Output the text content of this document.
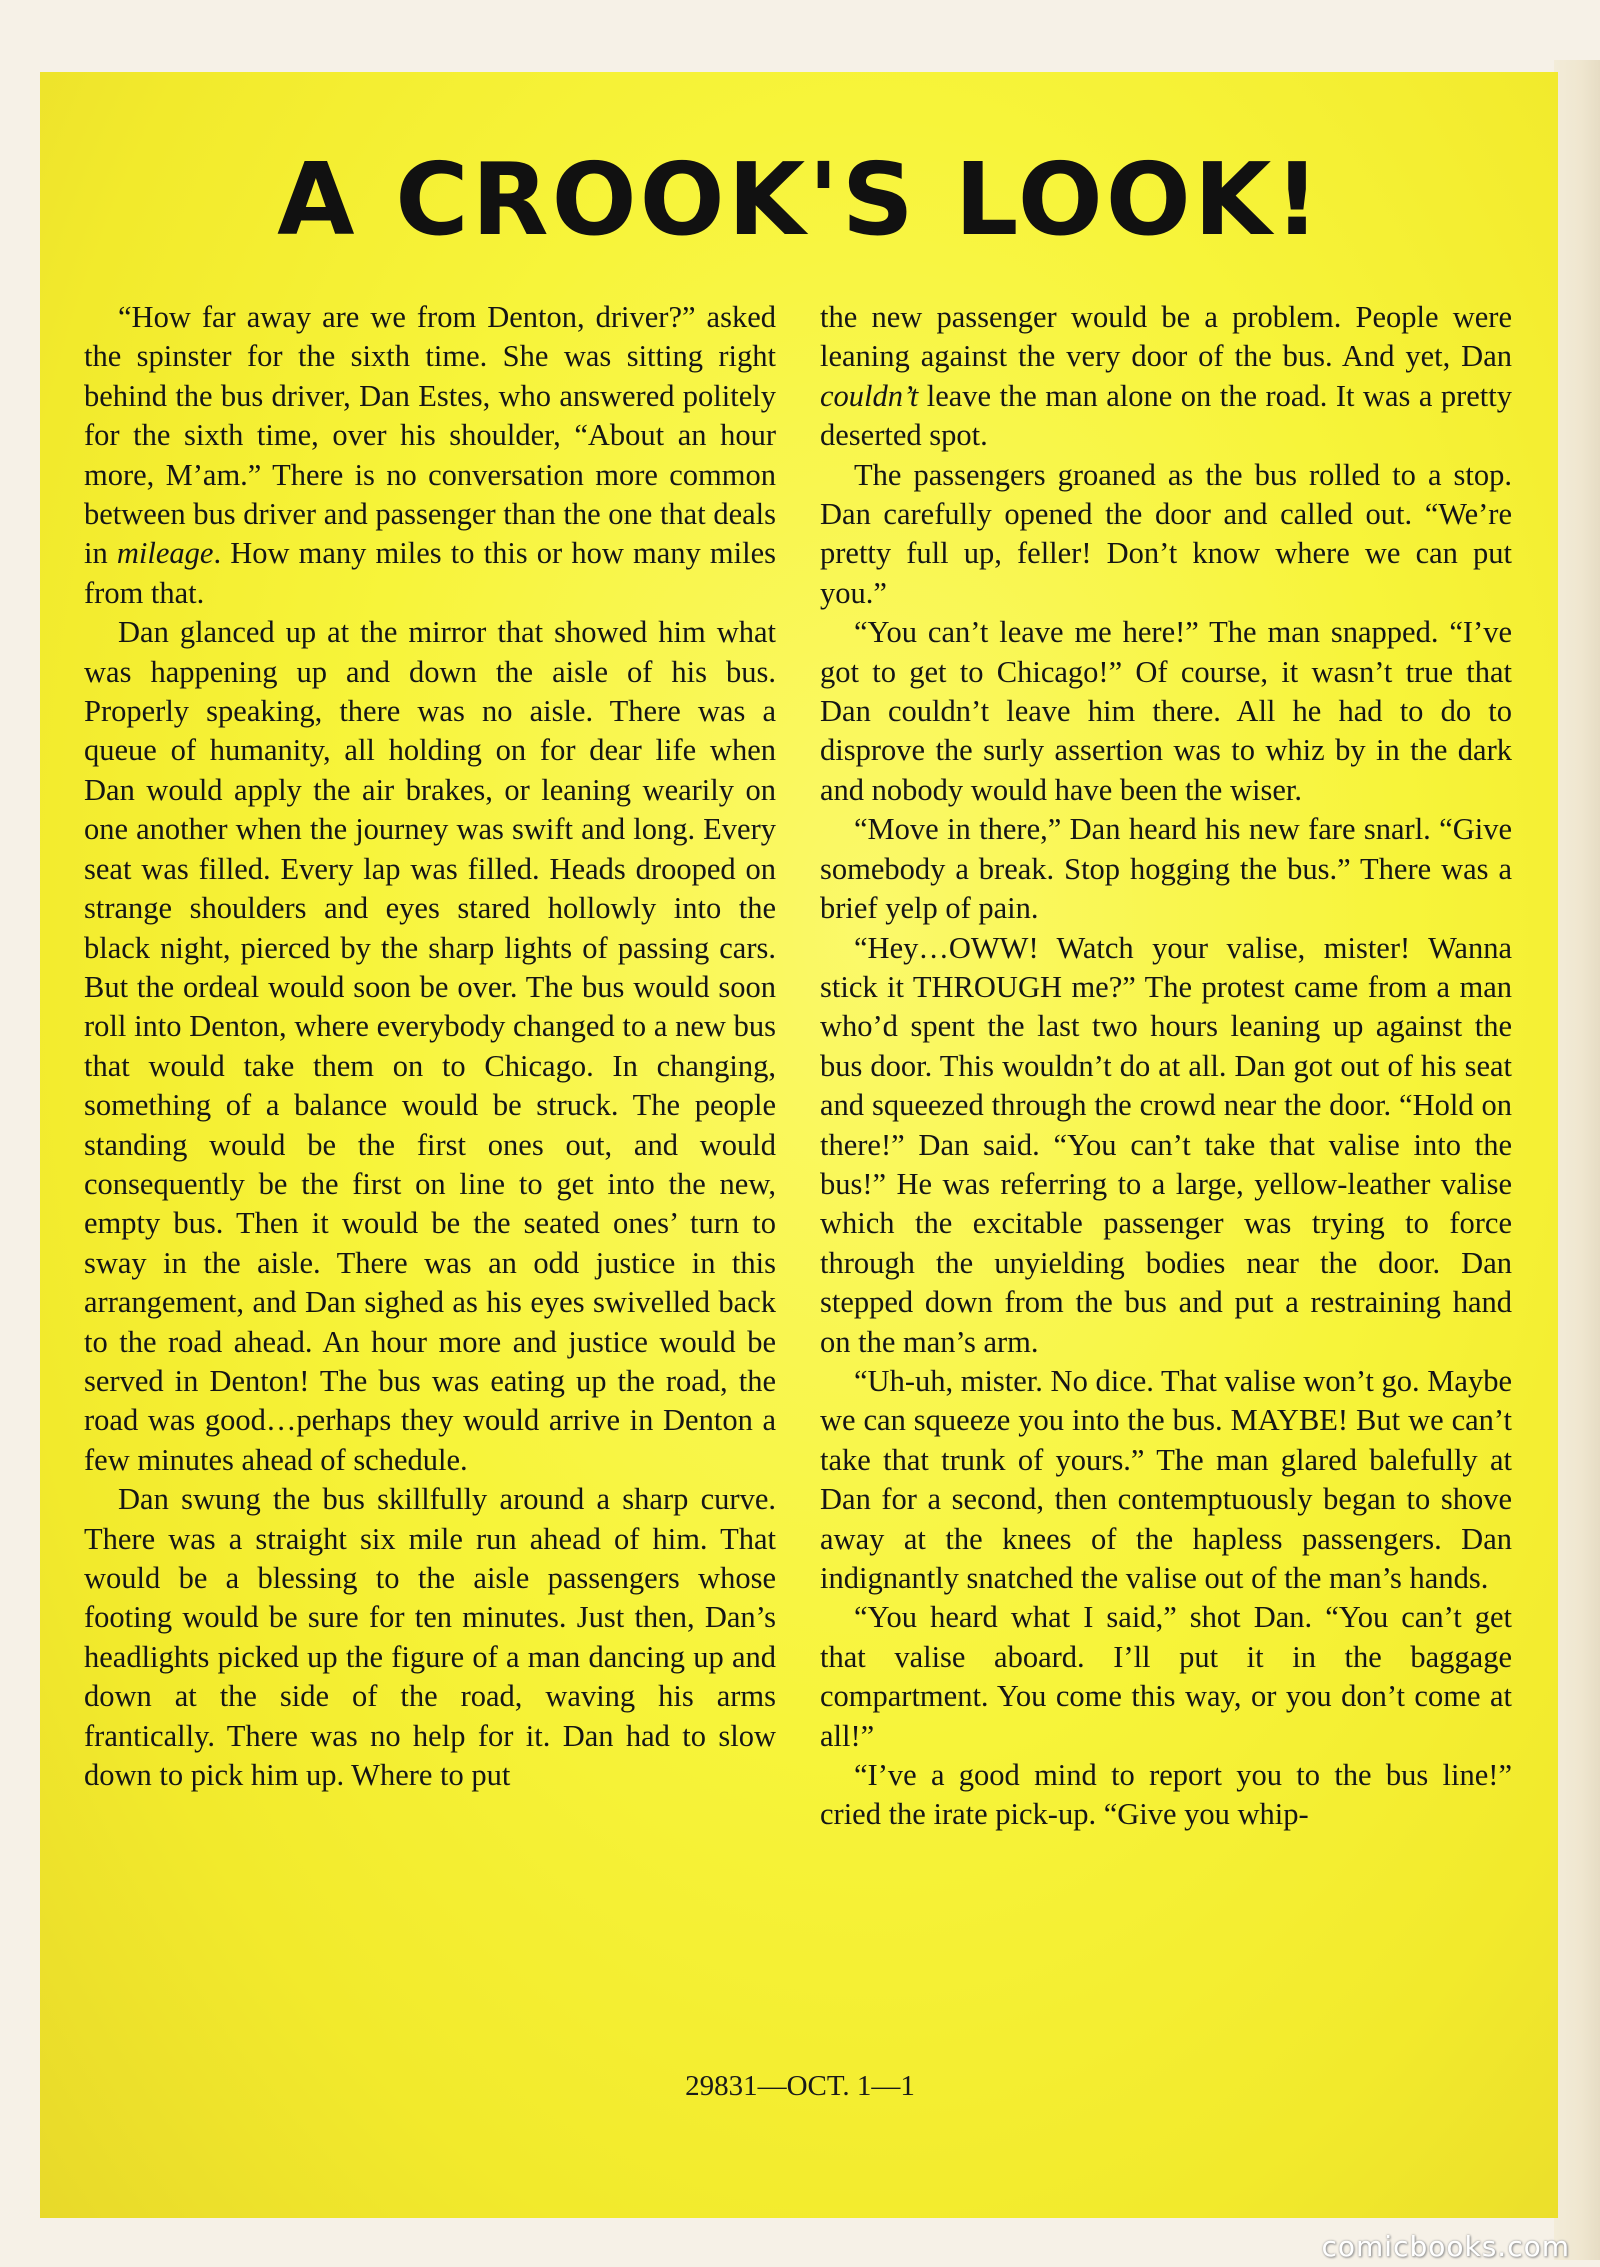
A CROOK'S LOOK!

“How far away are we from Denton, driver?” asked the spinster for the sixth time. She was sitting right behind the bus driver, Dan Estes, who answered politely for the sixth time, over his shoulder, “About an hour more, M’am.” There is no conversation more common between bus driver and passenger than the one that deals in mileage. How many miles to this or how many miles from that.

Dan glanced up at the mirror that showed him what was happening up and down the aisle of his bus. Properly speaking, there was no aisle. There was a queue of humanity, all holding on for dear life when Dan would apply the air brakes, or leaning wearily on one another when the journey was swift and long. Every seat was filled. Every lap was filled. Heads drooped on strange shoulders and eyes stared hollowly into the black night, pierced by the sharp lights of passing cars. But the ordeal would soon be over. The bus would soon roll into Denton, where everybody changed to a new bus that would take them on to Chicago. In changing, something of a balance would be struck. The people standing would be the first ones out, and would consequently be the first on line to get into the new, empty bus. Then it would be the seated ones’ turn to sway in the aisle. There was an odd justice in this arrangement, and Dan sighed as his eyes swivelled back to the road ahead. An hour more and justice would be served in Denton! The bus was eating up the road, the road was good…perhaps they would arrive in Denton a few minutes ahead of schedule.

Dan swung the bus skillfully around a sharp curve. There was a straight six mile run ahead of him. That would be a blessing to the aisle passengers whose footing would be sure for ten minutes. Just then, Dan’s headlights picked up the figure of a man dancing up and down at the side of the road, waving his arms frantically. There was no help for it. Dan had to slow down to pick him up. Where to put

the new passenger would be a problem. People were leaning against the very door of the bus. And yet, Dan couldn’t leave the man alone on the road. It was a pretty deserted spot.

The passengers groaned as the bus rolled to a stop. Dan carefully opened the door and called out. “We’re pretty full up, feller! Don’t know where we can put you.”

“You can’t leave me here!” The man snapped. “I’ve got to get to Chicago!” Of course, it wasn’t true that Dan couldn’t leave him there. All he had to do to disprove the surly assertion was to whiz by in the dark and nobody would have been the wiser.

“Move in there,” Dan heard his new fare snarl. “Give somebody a break. Stop hogging the bus.” There was a brief yelp of pain.

“Hey…OWW! Watch your valise, mister! Wanna stick it THROUGH me?” The protest came from a man who’d spent the last two hours leaning up against the bus door. This wouldn’t do at all. Dan got out of his seat and squeezed through the crowd near the door. “Hold on there!” Dan said. “You can’t take that valise into the bus!” He was referring to a large, yellow-leather valise which the excitable passenger was trying to force through the unyielding bodies near the door. Dan stepped down from the bus and put a restraining hand on the man’s arm.

“Uh-uh, mister. No dice. That valise won’t go. Maybe we can squeeze you into the bus. MAYBE! But we can’t take that trunk of yours.” The man glared balefully at Dan for a second, then contemptuously began to shove away at the knees of the hapless passengers. Dan indignantly snatched the valise out of the man’s hands.

“You heard what I said,” shot Dan. “You can’t get that valise aboard. I’ll put it in the baggage compartment. You come this way, or you don’t come at all!”

“I’ve a good mind to report you to the bus line!” cried the irate pick-up. “Give you whip-

29831—OCT. 1—1
comicbooks.com
